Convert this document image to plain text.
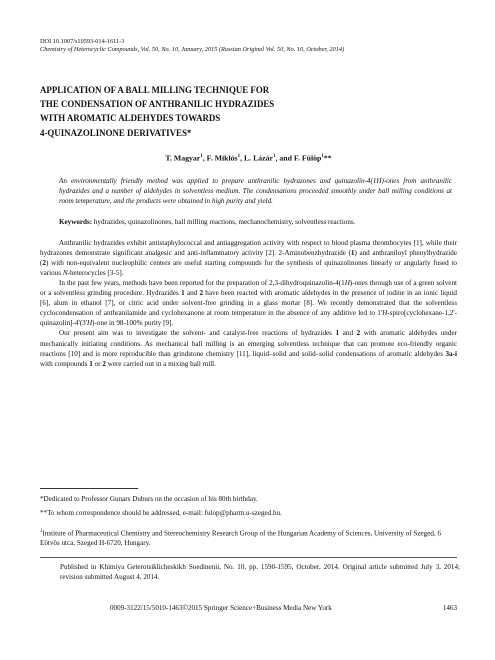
DOI 10.1007/s10593-014-1611-3
Chemistry of Heterocyclic Compounds, Vol. 50, No. 10, January, 2015 (Russian Original Vol. 50, No. 10, October, 2014)
APPLICATION OF A BALL MILLING TECHNIQUE FOR
THE CONDENSATION OF ANTHRANILIC HYDRAZIDES
WITH AROMATIC ALDEHYDES TOWARDS
4-QUINAZOLINONE DERIVATIVES*
T. Magyar$^1$, F. Miklós$^1$, L. Lázár$^1$, and F. Fülöp$^1$**
An environmentally friendly method was applied to prepare anthranilic hydrazones and quinazolin-4(1H)-ones from anthranilic hydrazides and a number of aldehydes in solventless medium. The condensations proceeded smoothly under ball milling conditions at room temperature, and the products were obtained in high purity and yield.
Keywords: hydrazides, quinazolinones, ball milling reactions, mechanochemistry, solventless reactions.

Anthranilic hydrazides exhibit antistaphylococcal and antiaggregation activity with respect to blood plasma thrombocytes [1], while their hydrazones demonstrate significant analgesic and anti-inflammatory activity [2]. 2-Aminobenzhydrazide (1) and anthraniloyl phenylhydrazide (2) with non-equivalent nucleophilic centers are useful starting compounds for the synthesis of quinazolinones linearly or angularly fused to various N-heterocycles [3-5].

In the past few years, methods have been reported for the preparation of 2,3-dihydroquinazolin-4(1H)-ones through use of a green solvent or a solventless grinding procedure. Hydrazides 1 and 2 have been reacted with aromatic aldehydes in the presence of iodine in an ionic liquid [6], alum in ethanol [7], or citric acid under solvent-free grinding in a glass mortar [8]. We recently demonstrated that the solventless cyclocondensation of anthranilamide and cyclohexanone at room temperature in the absence of any additive led to 1'H-spiro[cyclohexane-1,2'-quinazolin]-4'(3'H)-one in 98-100% purity [9].

Our present aim was to investigate the solvent- and catalyst-free reactions of hydrazides 1 and 2 with aromatic aldehydes under mechanically initiating conditions. As mechanical ball milling is an emerging solventless technique that can promote eco-friendly organic reactions [10] and is more reproducible than grindstone chemistry [11], liquid–solid and solid–solid condensations of aromatic aldehydes 3a-i with compounds 1 or 2 were carried out in a mixing ball mill.

*Dedicated to Professor Gunars Duburs on the occasion of his 80th birthday.
**To whom correspondence should be addressed, e-mail: fulop@pharm.u-szeged.hu.
$^1$Institute of Pharmaceutical Chemistry and Stereochemistry Research Group of the Hungarian Academy of Sciences, University of Szeged, 6 Eötvös utca, Szeged H-6720, Hungary.
Published in Khimiya Geterotsiklicheskikh Soedinenii, No. 10, pp. 1590-1595, October, 2014. Original article submitted July 3, 2014; revision submitted August 4, 2014.
0009-3122/15/5010-1463©2015 Springer Science+Business Media New York	1463
